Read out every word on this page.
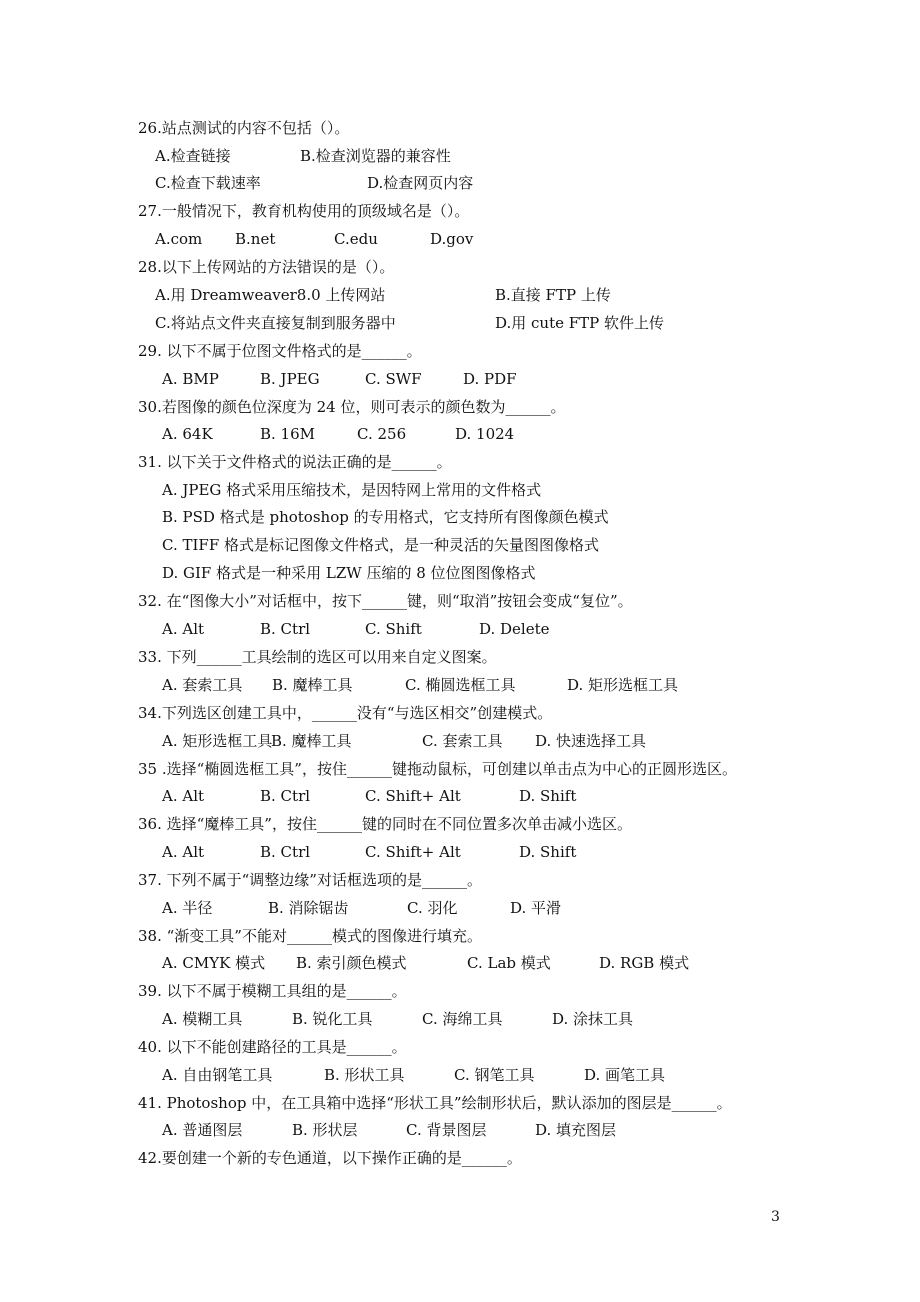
26.站点测试的内容不包括（）。
A.检查链接	B.检查浏览器的兼容性
C.检查下载速率	D.检查网页内容
27.一般情况下，教育机构使用的顶级域名是（）。
A.com B.net	C.edu	D.gov
28.以下上传网站的方法错误的是（）。
A.用 Dreamweaver8.0 上传网站	B.直接 FTP 上传
C.将站点文件夹直接复制到服务器中	D.用 cute FTP 软件上传
29. 以下不属于位图文件格式的是______。
A. BMP	B. JPEG	C. SWF	D. PDF
30.若图像的颜色位深度为 24 位，则可表示的颜色数为______。
A. 64K	B. 16M	C. 256	D. 1024
31. 以下关于文件格式的说法正确的是______。
A. JPEG 格式采用压缩技术，是因特网上常用的文件格式
B. PSD 格式是 photoshop 的专用格式，它支持所有图像颜色模式
C. TIFF 格式是标记图像文件格式，是一种灵活的矢量图图像格式
D. GIF 格式是一种采用 LZW 压缩的 8 位位图图像格式
32. 在“图像大小”对话框中，按下______键，则“取消”按钮会变成“复位”。
A. Alt	B. Ctrl	C. Shift	D. Delete
33. 下列______工具绘制的选区可以用来自定义图案。
A. 套索工具 B. 魔棒工具	C. 椭圆选框工具	D. 矩形选框工具
34.下列选区创建工具中，______没有“与选区相交”创建模式。
A. 矩形选框工具
B. 魔棒工具	C. 套索工具 D. 快速选择工具
35 .选择“椭圆选框工具”，按住______键拖动鼠标，可创建以单击点为中心的正圆形选区。
A. Alt	B. Ctrl	C. Shift+ Alt	D. Shift
36. 选择“魔棒工具”，按住______键的同时在不同位置多次单击减小选区。
A. Alt	B. Ctrl	C. Shift+ Alt	D. Shift
37. 下列不属于“调整边缘”对话框选项的是______。
A. 半径	B. 消除锯齿	C. 羽化	D. 平滑
38. “渐变工具”不能对______模式的图像进行填充。
A. CMYK 模式 B. 索引颜色模式	C. Lab 模式	D. RGB 模式
39. 以下不属于模糊工具组的是______。
A. 模糊工具	B. 锐化工具	C. 海绵工具	D. 涂抹工具
40. 以下不能创建路径的工具是______。
A. 自由钢笔工具	B. 形状工具	C. 钢笔工具	D. 画笔工具
41. Photoshop 中，在工具箱中选择“形状工具”绘制形状后，默认添加的图层是______。
A. 普通图层	B. 形状层	C. 背景图层	D. 填充图层
42.要创建一个新的专色通道，以下操作正确的是______。
3
